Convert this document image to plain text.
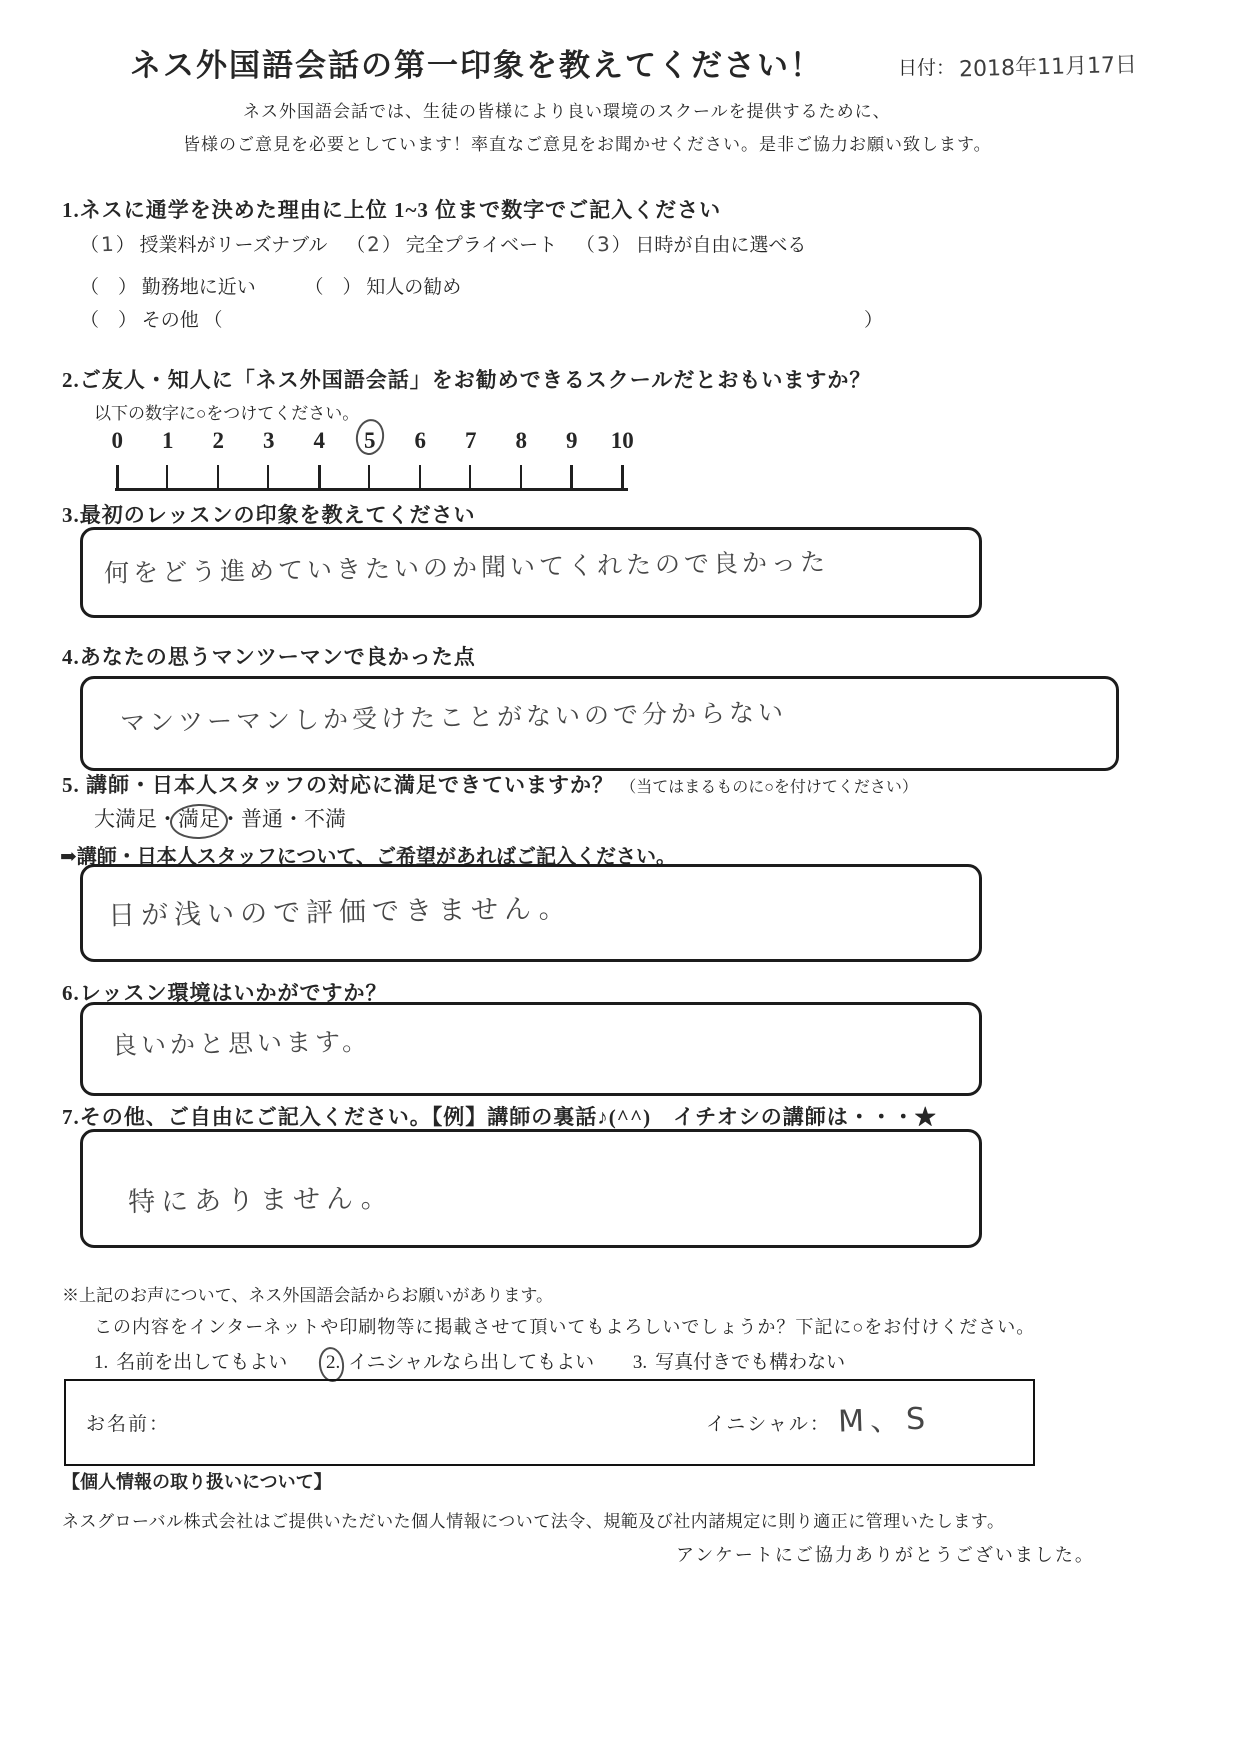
ネス外国語会話の第一印象を教えてください！	日付： 2018年11月17日
ネス外国語会話では、生徒の皆様により良い環境のスクールを提供するために、
皆様のご意見を必要としています！率直なご意見をお聞かせください。是非ご協力お願い致します。
1.ネスに通学を決めた理由に上位 1~3 位まで数字でご記入ください
（1） 授業料がリーズナブル （2） 完全プライベート （3） 日時が自由に選べる
（　） 勤務地に近い	（　） 知人の勧め
（　） その他 （	）
2.ご友人・知人に「ネス外国語会話」をお勧めできるスクールだとおもいますか？
以下の数字に○をつけてください。
0	1	2	3	4	5	6	7	8	9	10
3.最初のレッスンの印象を教えてください
何をどう進めていきたいのか聞いてくれたので良かった
4.あなたの思うマンツーマンで良かった点
マンツーマンしか受けたことがないので分からない
5. 講師・日本人スタッフの対応に満足できていますか？ （当てはまるものに○を付けてください）
大満足・満足・普通・不満
➡講師・日本人スタッフについて、ご希望があればご記入ください。
日が浅いので評価できません。
6.レッスン環境はいかがですか？
良いかと思います。
7.その他、ご自由にご記入ください。【例】講師の裏話♪(^^)　イチオシの講師は・・・★
特にありません。
※上記のお声について、ネス外国語会話からお願いがあります。
この内容をインターネットや印刷物等に掲載させて頂いてもよろしいでしょうか？下記に○をお付けください。
1. 名前を出してもよい 2. イニシャルなら出してもよい 3. 写真付きでも構わない
お名前：	イニシャル： M、S
【個人情報の取り扱いについて】
ネスグローバル株式会社はご提供いただいた個人情報について法令、規範及び社内諸規定に則り適正に管理いたします。
アンケートにご協力ありがとうございました。
